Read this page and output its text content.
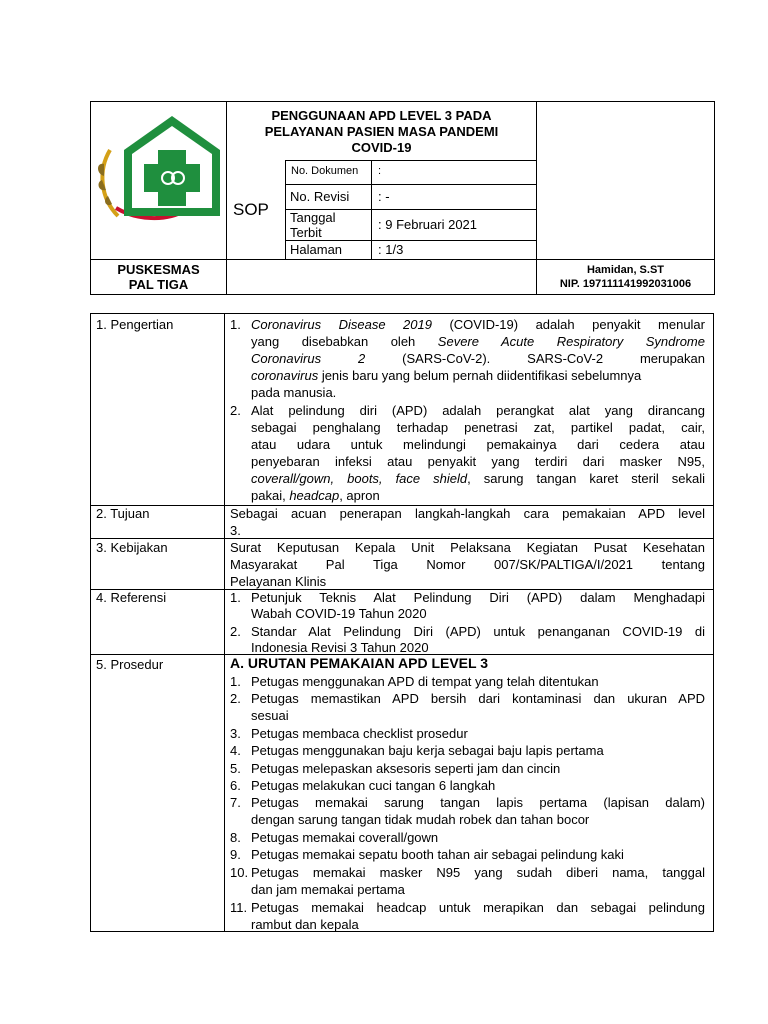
PENGGUNAAN APD LEVEL 3 PADA
PELAYANAN PASIEN MASA PANDEMI
COVID-19
SOP
No. Dokumen :
No. Revisi : -
Tanggal
Terbit
: 9 Februari 2021
Halaman	: 1/3
PUSKESMAS
PAL TIGA
Hamidan, S.ST
NIP. 197111141992031006
1. Pengertian	1. Coronavirus Disease 2019 (COVID-19) adalah penyakit menular
yang disebabkan oleh Severe Acute Respiratory Syndrome
Coronavirus 2 (SARS-CoV-2). SARS-CoV-2 merupakan
coronavirus jenis baru yang belum pernah diidentifikasi sebelumnya
pada manusia.
2. Alat pelindung diri (APD) adalah perangkat alat yang dirancang
sebagai penghalang terhadap penetrasi zat, partikel padat, cair,
atau udara untuk melindungi pemakainya dari cedera atau
penyebaran infeksi atau penyakit yang terdiri dari masker N95,
coverall/gown, boots, face shield, sarung tangan karet steril sekali
pakai, headcap, apron
2. Tujuan	Sebagai acuan penerapan langkah-langkah cara pemakaian APD level
3.
3. Kebijakan	Surat Keputusan Kepala Unit Pelaksana Kegiatan Pusat Kesehatan
Masyarakat Pal Tiga Nomor 007/SK/PALTIGA/I/2021 tentang
Pelayanan Klinis
4. Referensi	1. Petunjuk Teknis Alat Pelindung Diri (APD) dalam Menghadapi
Wabah COVID-19 Tahun 2020
2. Standar Alat Pelindung Diri (APD) untuk penanganan COVID-19 di
Indonesia Revisi 3 Tahun 2020
5. Prosedur	A. URUTAN PEMAKAIAN APD LEVEL 3
1. Petugas menggunakan APD di tempat yang telah ditentukan
2. Petugas memastikan APD bersih dari kontaminasi dan ukuran APD
sesuai
3. Petugas membaca checklist prosedur
4. Petugas menggunakan baju kerja sebagai baju lapis pertama
5. Petugas melepaskan aksesoris seperti jam dan cincin
6. Petugas melakukan cuci tangan 6 langkah
7. Petugas memakai sarung tangan lapis pertama (lapisan dalam)
dengan sarung tangan tidak mudah robek dan tahan bocor
8. Petugas memakai coverall/gown
9. Petugas memakai sepatu booth tahan air sebagai pelindung kaki
10. Petugas memakai masker N95 yang sudah diberi nama, tanggal
dan jam memakai pertama
11. Petugas memakai headcap untuk merapikan dan sebagai pelindung
rambut dan kepala
